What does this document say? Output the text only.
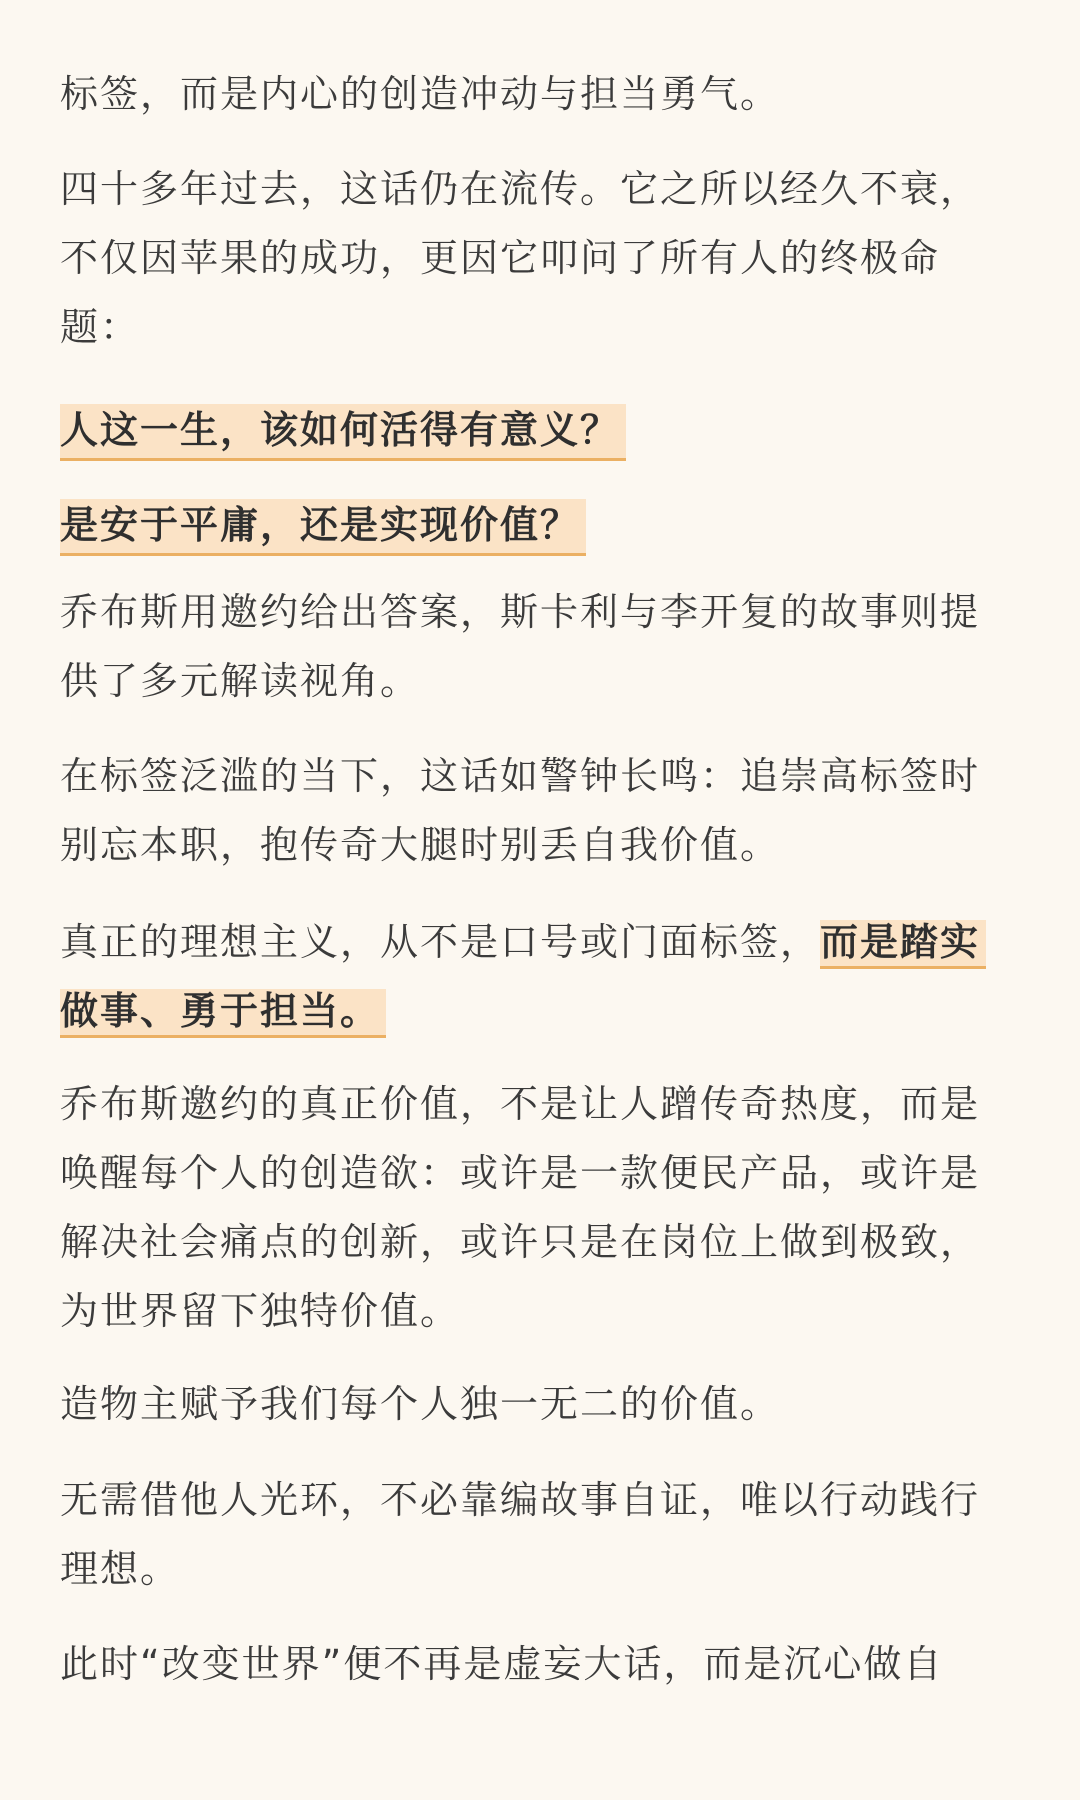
标签，而是内心的创造冲动与担当勇气。

四十多年过去，这话仍在流传。它之所以经久不衰，
不仅因苹果的成功，更因它叩问了所有人的终极命
题：

人这一生，该如何活得有意义？

是安于平庸，还是实现价值？

乔布斯用邀约给出答案，斯卡利与李开复的故事则提
供了多元解读视角。

在标签泛滥的当下，这话如警钟长鸣：追崇高标签时
别忘本职，抱传奇大腿时别丢自我价值。

真正的理想主义，从不是口号或门面标签，而是踏实
做事、勇于担当。

乔布斯邀约的真正价值，不是让人蹭传奇热度，而是
唤醒每个人的创造欲：或许是一款便民产品，或许是
解决社会痛点的创新，或许只是在岗位上做到极致，
为世界留下独特价值。

造物主赋予我们每个人独一无二的价值。

无需借他人光环，不必靠编故事自证，唯以行动践行
理想。

此时“改变世界”便不再是虚妄大话，而是沉心做自
